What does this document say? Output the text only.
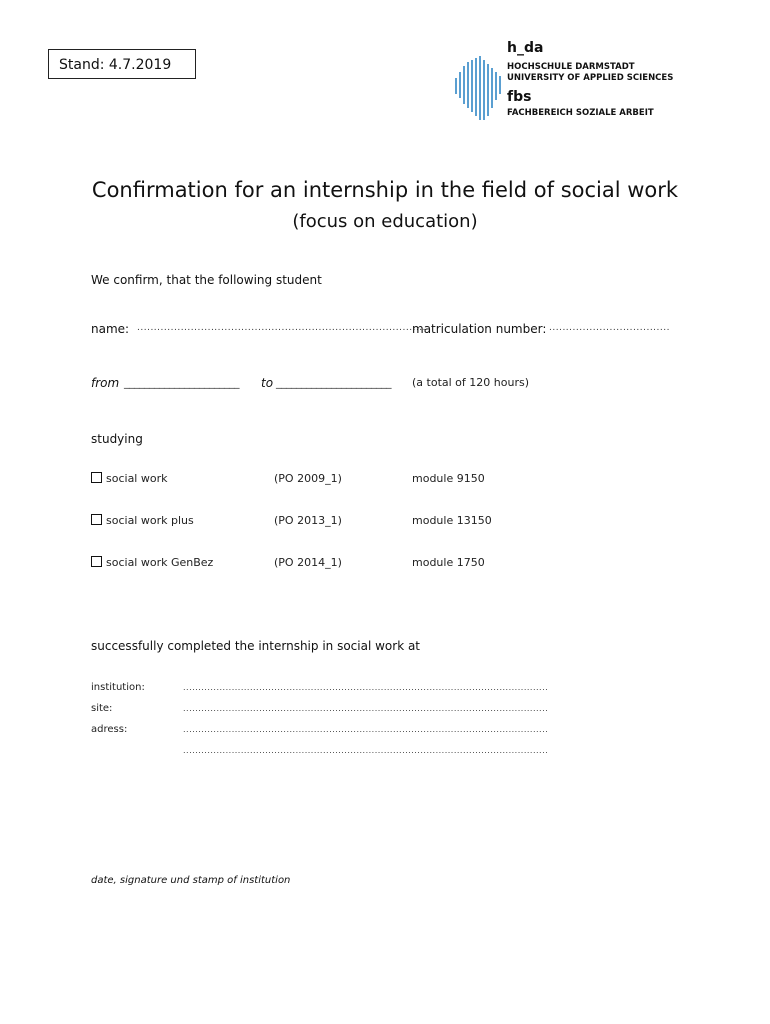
Stand: 4.7.2019
h_da
HOCHSCHULE DARMSTADT
UNIVERSITY OF APPLIED SCIENCES
fbs
FACHBEREICH SOZIALE ARBEIT
Confirmation for an internship in the field of social work
(focus on education)
We confirm, that the following student
name: ......................................................................................
matriculation number: ....................................
from _______________________ to _______________________ (a total of 120 hours)
studying
social work	(PO 2009_1)	module 9150
social work plus	(PO 2013_1)	module 13150
social work GenBez	(PO 2014_1)	module 1750
successfully completed the internship in social work at
institution:	........................................................................................................................
site:	........................................................................................................................
adress:	........................................................................................................................
........................................................................................................................
date, signature und stamp of institution
